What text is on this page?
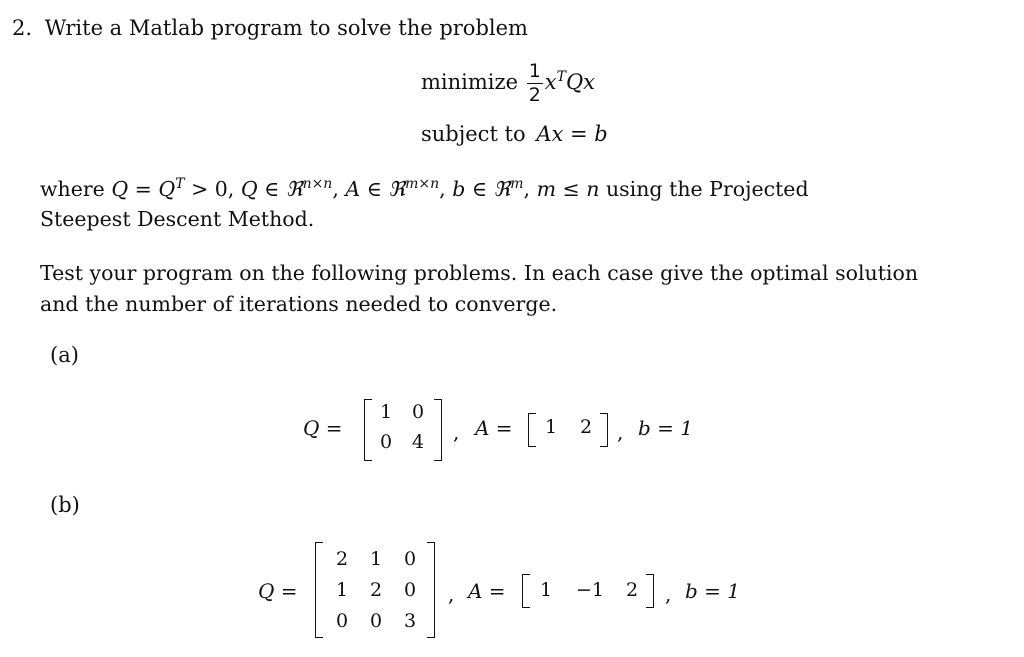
2. Write a Matlab program to solve the problem
minimize $\frac{1}{2} x^TQx$
subject to Ax = b
where $Q = Q^T > 0$, Q ∈ ℜ$^{n\times n}$, A ∈ ℜ$^{m\times n}$, b ∈ ℜ$^m$, m ≤ n using the Projected
Steepest Descent Method.
Test your program on the following problems. In each case give the optimal solution
and the number of iterations needed to converge.
(a)
Q =
1 0
0 4 , A = 1 2 , b = 1
(b)
Q =
2 1 0
1 2 0
0 0 3
, A = 1 −1 2 , b = 1
